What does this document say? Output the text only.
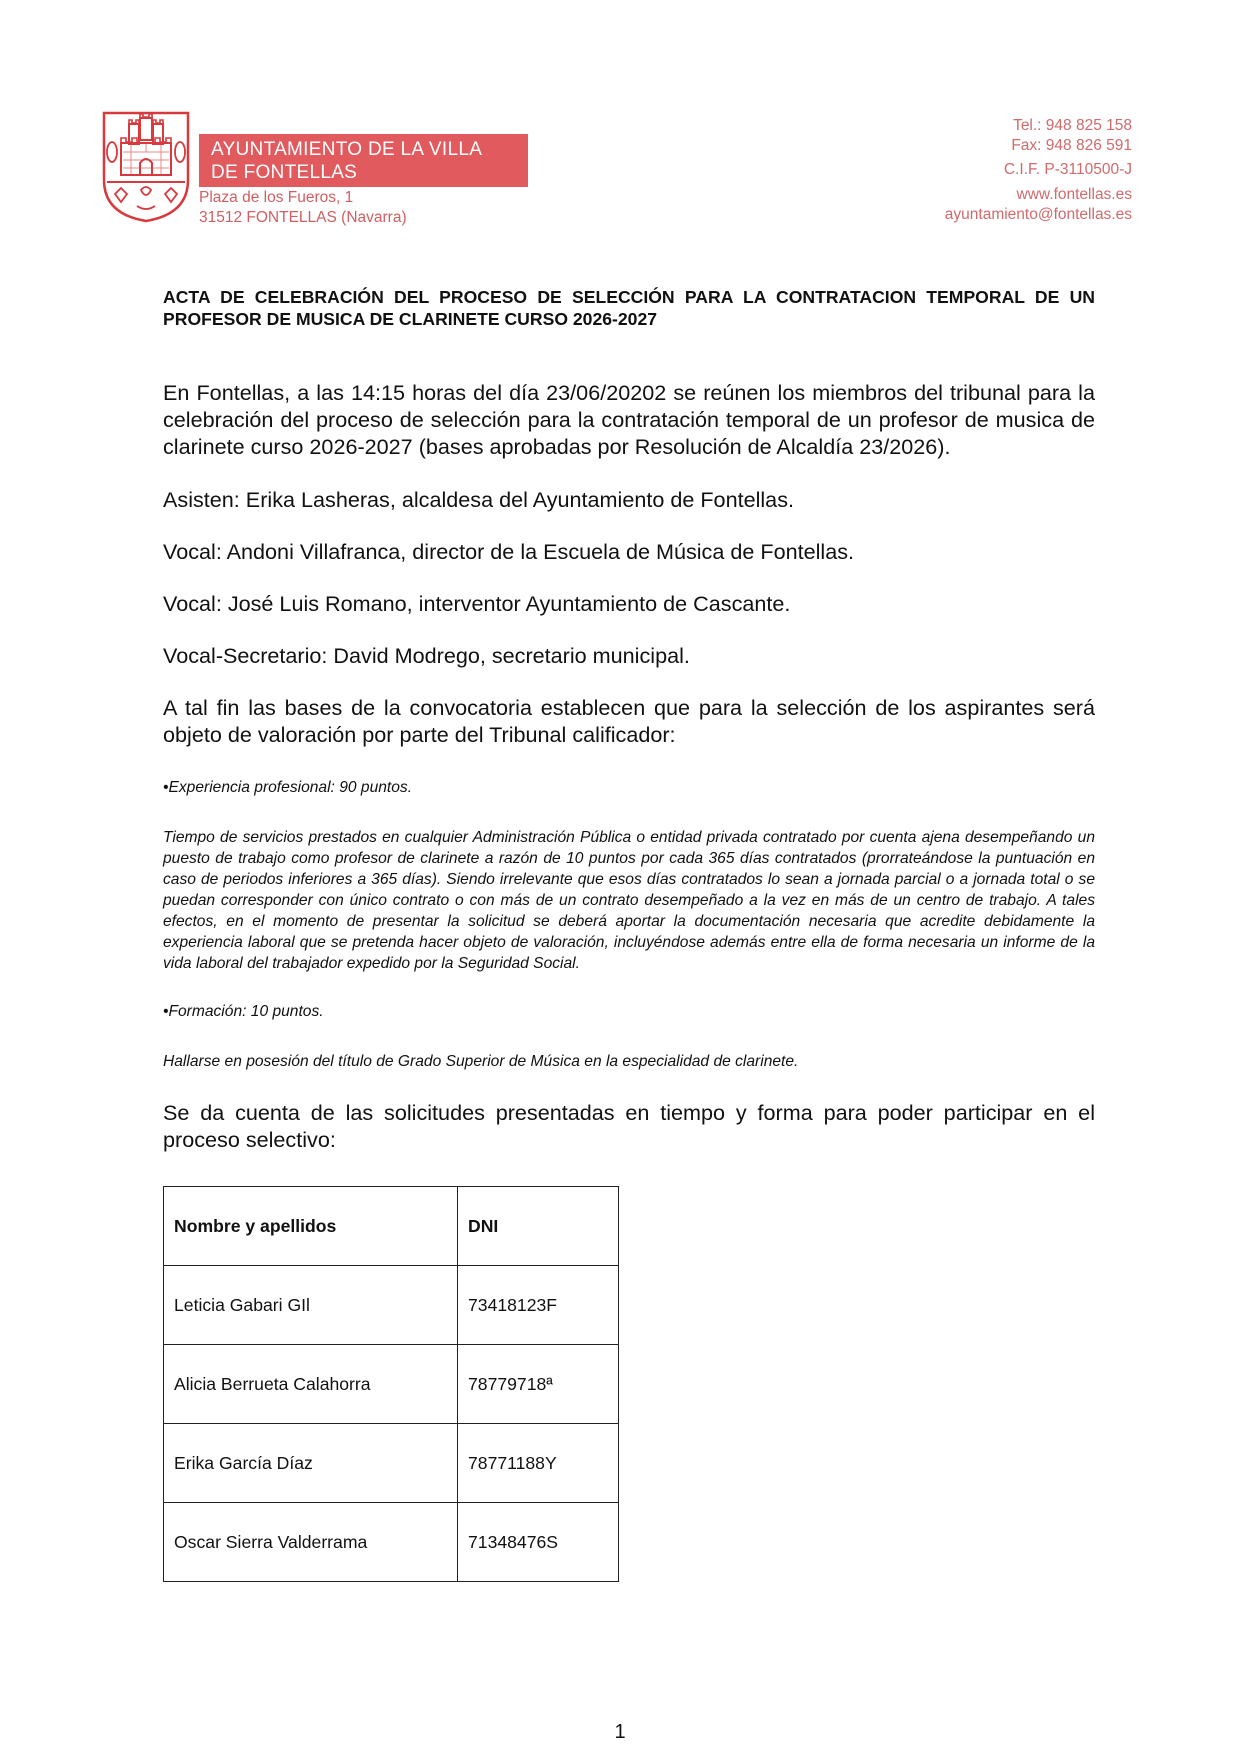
AYUNTAMIENTO DE LA VILLA
DE FONTELLAS
Plaza de los Fueros, 1
31512 FONTELLAS (Navarra)
Tel.: 948 825 158
Fax: 948 826 591
C.I.F. P-3110500-J
www.fontellas.es
ayuntamiento@fontellas.es
ACTA DE CELEBRACIÓN DEL PROCESO DE SELECCIÓN PARA LA CONTRATACION TEMPORAL DE UN PROFESOR DE MUSICA DE CLARINETE CURSO 2026-2027

En Fontellas, a las 14:15 horas del día 23/06/20202 se reúnen los miembros del tribunal para la celebración del proceso de selección para la contratación temporal de un profesor de musica de clarinete curso 2026-2027 (bases aprobadas por Resolución de Alcaldía 23/2026).

Asisten: Erika Lasheras, alcaldesa del Ayuntamiento de Fontellas.

Vocal: Andoni Villafranca, director de la Escuela de Música de Fontellas.

Vocal: José Luis Romano, interventor Ayuntamiento de Cascante.

Vocal-Secretario: David Modrego, secretario municipal.

A tal fin las bases de la convocatoria establecen que para la selección de los aspirantes será objeto de valoración por parte del Tribunal calificador:

•Experiencia profesional: 90 puntos.

Tiempo de servicios prestados en cualquier Administración Pública o entidad privada contratado por cuenta ajena desempeñando un puesto de trabajo como profesor de clarinete a razón de 10 puntos por cada 365 días contratados (prorrateándose la puntuación en caso de periodos inferiores a 365 días). Siendo irrelevante que esos días contratados lo sean a jornada parcial o a jornada total o se puedan corresponder con único contrato o con más de un contrato desempeñado a la vez en más de un centro de trabajo. A tales efectos, en el momento de presentar la solicitud se deberá aportar la documentación necesaria que acredite debidamente la experiencia laboral que se pretenda hacer objeto de valoración, incluyéndose además entre ella de forma necesaria un informe de la vida laboral del trabajador expedido por la Seguridad Social.

•Formación: 10 puntos.

Hallarse en posesión del título de Grado Superior de Música en la especialidad de clarinete.

Se da cuenta de las solicitudes presentadas en tiempo y forma para poder participar en el proceso selectivo:

Nombre y apellidos	DNI
Leticia Gabari GIl	73418123F
Alicia Berrueta Calahorra	78779718ª
Erika García Díaz	78771188Y
Oscar Sierra Valderrama	71348476S
1
